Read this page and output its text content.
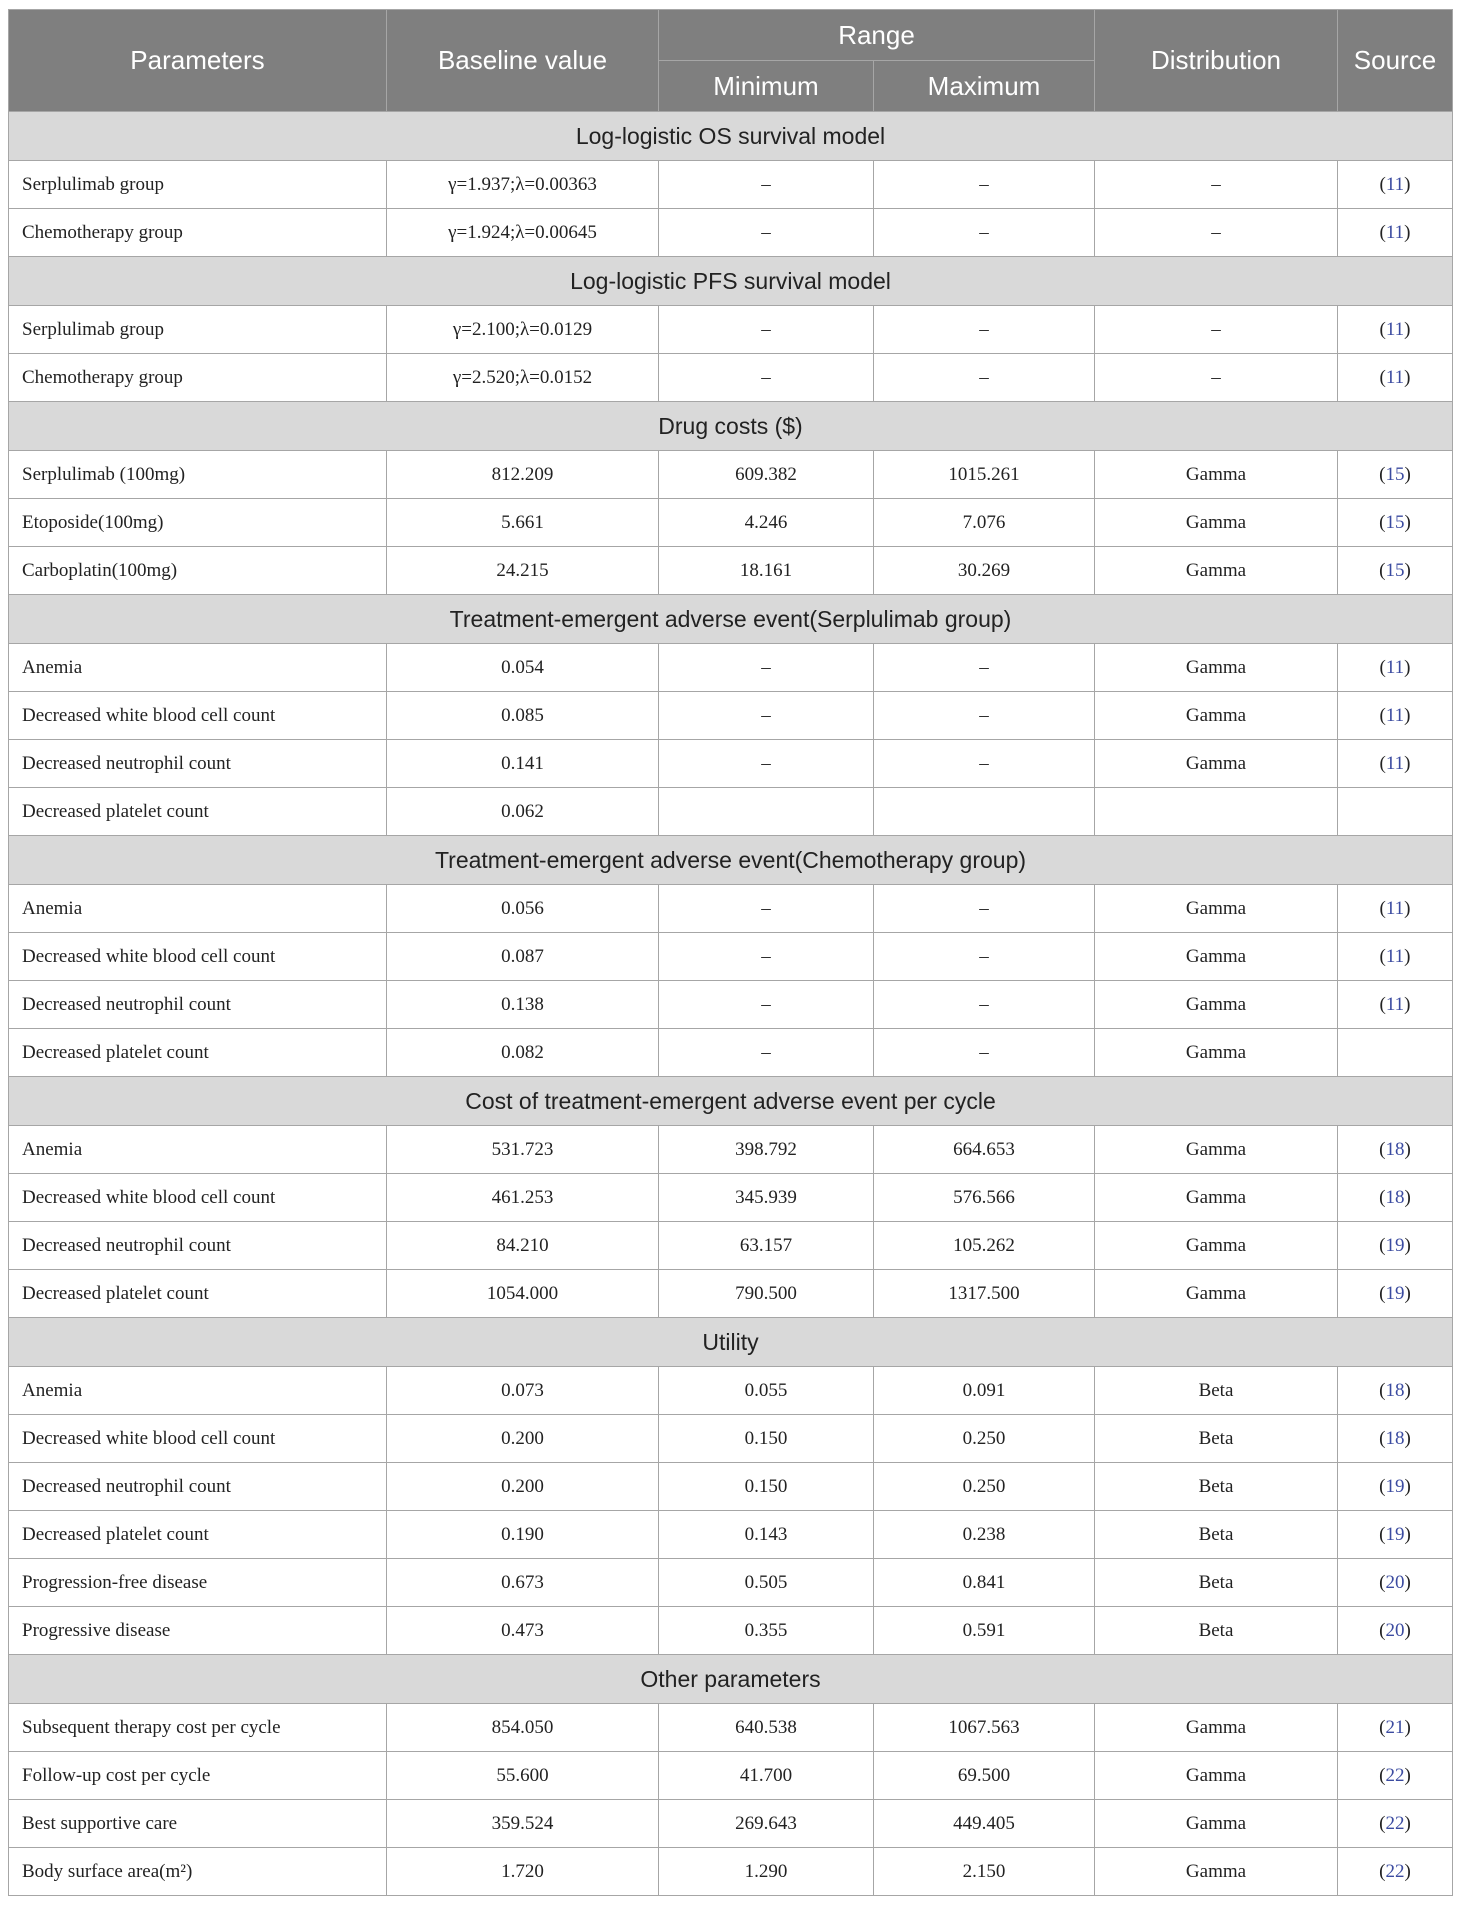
Parameters	Baseline value	Range		Distribution	Source
		Minimum	Maximum		
Log-logistic OS survival model					
Serplulimab group	γ=1.937;λ=0.00363	–	–	–	(11)
Chemotherapy group	γ=1.924;λ=0.00645	–	–	–	(11)
Log-logistic PFS survival model					
Serplulimab group	γ=2.100;λ=0.0129	–	–	–	(11)
Chemotherapy group	γ=2.520;λ=0.0152	–	–	–	(11)
Drug costs ($)					
Serplulimab (100mg)	812.209	609.382	1015.261	Gamma	(15)
Etoposide(100mg)	5.661	4.246	7.076	Gamma	(15)
Carboplatin(100mg)	24.215	18.161	30.269	Gamma	(15)
Treatment-emergent adverse event(Serplulimab group)					
Anemia	0.054	–	–	Gamma	(11)
Decreased white blood cell count	0.085	–	–	Gamma	(11)
Decreased neutrophil count	0.141	–	–	Gamma	(11)
Decreased platelet count	0.062				
Treatment-emergent adverse event(Chemotherapy group)					
Anemia	0.056	–	–	Gamma	(11)
Decreased white blood cell count	0.087	–	–	Gamma	(11)
Decreased neutrophil count	0.138	–	–	Gamma	(11)
Decreased platelet count	0.082	–	–	Gamma	
Cost of treatment-emergent adverse event per cycle					
Anemia	531.723	398.792	664.653	Gamma	(18)
Decreased white blood cell count	461.253	345.939	576.566	Gamma	(18)
Decreased neutrophil count	84.210	63.157	105.262	Gamma	(19)
Decreased platelet count	1054.000	790.500	1317.500	Gamma	(19)
Utility					
Anemia	0.073	0.055	0.091	Beta	(18)
Decreased white blood cell count	0.200	0.150	0.250	Beta	(18)
Decreased neutrophil count	0.200	0.150	0.250	Beta	(19)
Decreased platelet count	0.190	0.143	0.238	Beta	(19)
Progression-free disease	0.673	0.505	0.841	Beta	(20)
Progressive disease	0.473	0.355	0.591	Beta	(20)
Other parameters					
Subsequent therapy cost per cycle	854.050	640.538	1067.563	Gamma	(21)
Follow-up cost per cycle	55.600	41.700	69.500	Gamma	(22)
Best supportive care	359.524	269.643	449.405	Gamma	(22)
Body surface area(m²)	1.720	1.290	2.150	Gamma	(22)
